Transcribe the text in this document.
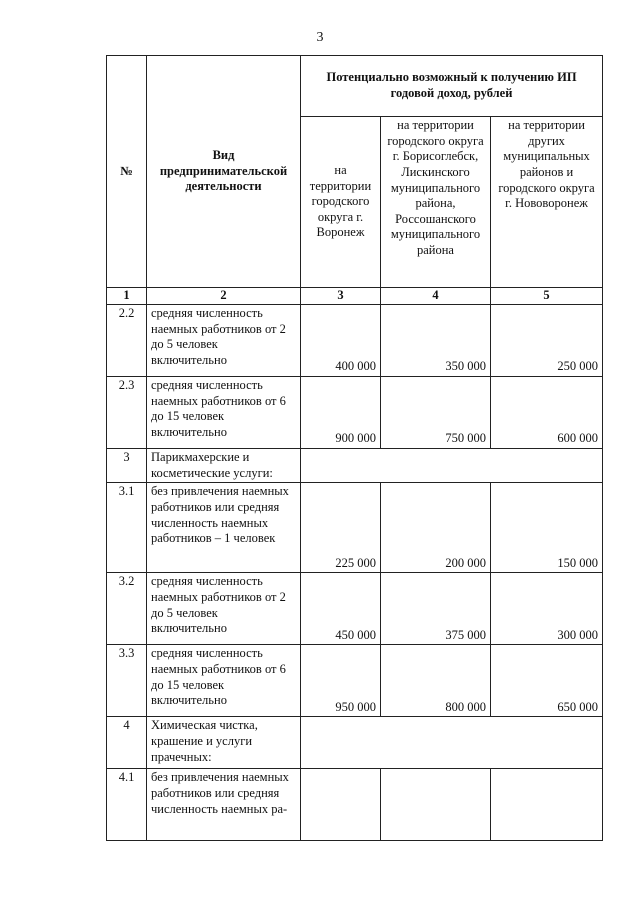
3
№	Вид предпринимательской деятельности	Потенциально возможный к получению ИП годовой доход, рублей		
		на территории городского округа г. Воронеж	на территории городского округа г. Борисоглебск, Лискинского муниципального района, Россошанского муниципального района	на территории других муниципальных районов и городского округа г. Нововоронеж
1	2	3	4	5
2.2	средняя численность наемных работников от 2 до 5 человек включительно	400 000	350 000	250 000
2.3	средняя численность наемных работников от 6 до 15 человек включительно	900 000	750 000	600 000
3	Парикмахерские и косметические услуги:			
3.1	без привлечения наемных работников или средняя численность наемных работников – 1 человек	225 000	200 000	150 000
3.2	средняя численность наемных работников от 2 до 5 человек включительно	450 000	375 000	300 000
3.3	средняя численность наемных работников от 6 до 15 человек включительно	950 000	800 000	650 000
4	Химическая чистка, крашение и услуги прачечных:			
4.1	без привлечения наемных работников или средняя численность наемных ра-			
